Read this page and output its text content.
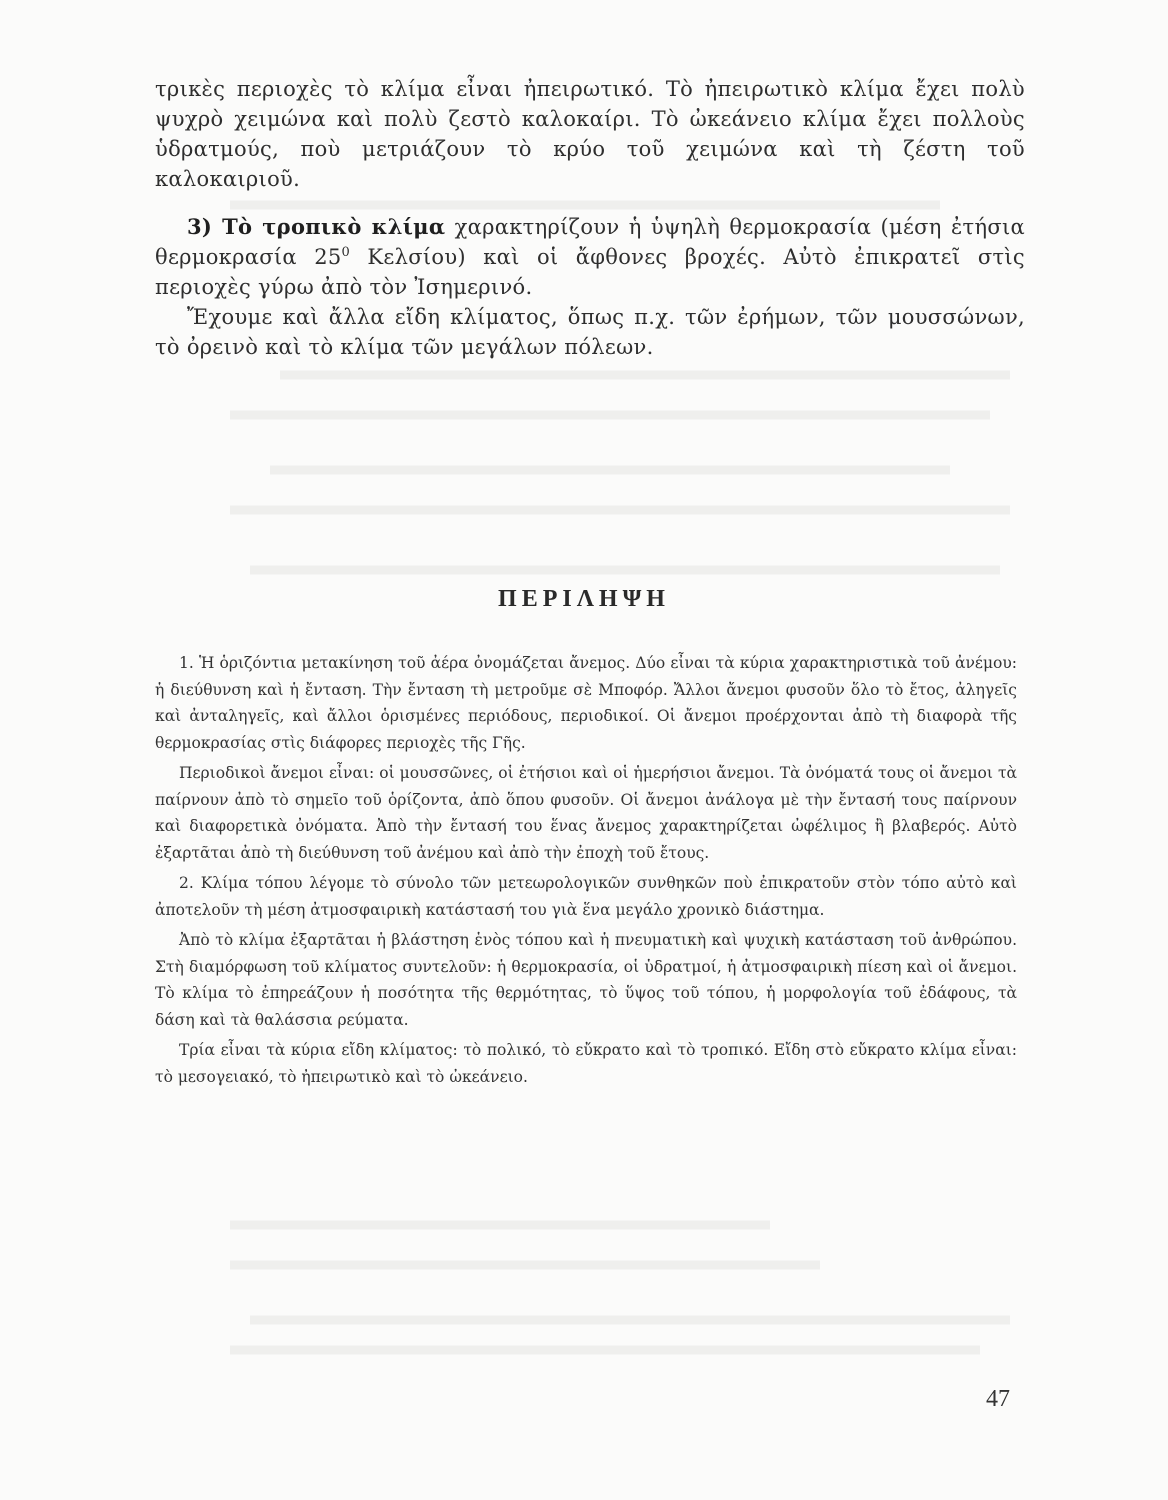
τρικὲς περιοχὲς τὸ κλίμα εἶναι ἠπειρωτικό. Τὸ ἠπειρωτικὸ κλίμα ἔχει πολὺ ψυχρὸ χειμώνα καὶ πολὺ ζεστὸ καλοκαίρι. Τὸ ὠκεάνειο κλίμα ἔχει πολλοὺς ὑδρατμούς, ποὺ μετριάζουν τὸ κρύο τοῦ χειμώνα καὶ τὴ ζέστη τοῦ καλοκαιριοῦ.

3) Τὸ τροπικὸ κλίμα χαρακτηρίζουν ἡ ὑψηλὴ θερμοκρασία (μέση ἐτήσια θερμοκρασία $25^0$ Κελσίου) καὶ οἱ ἄφθονες βροχές. Αὐτὸ ἐπικρατεῖ στὶς περιοχὲς γύρω ἀπὸ τὸν Ἰσημερινό.

Ἔχουμε καὶ ἄλλα εἴδη κλίματος, ὅπως π.χ. τῶν ἐρήμων, τῶν μουσσώνων, τὸ ὀρεινὸ καὶ τὸ κλίμα τῶν μεγάλων πόλεων.

ΠΕΡΙΛΗΨΗ

1. Ἡ ὁριζόντια μετακίνηση τοῦ ἀέρα ὀνομάζεται ἄνεμος. Δύο εἶναι τὰ κύρια χαρακτηριστικὰ τοῦ ἀνέμου: ἡ διεύθυνση καὶ ἡ ἔνταση. Τὴν ἔνταση τὴ μετροῦμε σὲ Μποφόρ. Ἄλλοι ἄνεμοι φυσοῦν ὅλο τὸ ἔτος, ἀληγεῖς καὶ ἀνταληγεῖς, καὶ ἄλλοι ὁρισμένες περιόδους, περιοδικοί. Οἱ ἄνεμοι προέρχονται ἀπὸ τὴ διαφορὰ τῆς θερμοκρασίας στὶς διάφορες περιοχὲς τῆς Γῆς.

Περιοδικοὶ ἄνεμοι εἶναι: οἱ μουσσῶνες, οἱ ἐτήσιοι καὶ οἱ ἡμερήσιοι ἄνεμοι. Τὰ ὀνόματά τους οἱ ἄνεμοι τὰ παίρνουν ἀπὸ τὸ σημεῖο τοῦ ὁρίζοντα, ἀπὸ ὅπου φυσοῦν. Οἱ ἄνεμοι ἀνάλογα μὲ τὴν ἔντασή τους παίρνουν καὶ διαφορετικὰ ὀνόματα. Ἀπὸ τὴν ἔντασή του ἕνας ἄνεμος χαρακτηρίζεται ὠφέλιμος ἢ βλαβερός. Αὐτὸ ἐξαρτᾶται ἀπὸ τὴ διεύθυνση τοῦ ἀνέμου καὶ ἀπὸ τὴν ἐποχὴ τοῦ ἔτους.

2. Κλίμα τόπου λέγομε τὸ σύνολο τῶν μετεωρολογικῶν συνθηκῶν ποὺ ἐπικρατοῦν στὸν τόπο αὐτὸ καὶ ἀποτελοῦν τὴ μέση ἀτμοσφαιρικὴ κατάστασή του γιὰ ἕνα μεγάλο χρονικὸ διάστημα.

Ἀπὸ τὸ κλίμα ἐξαρτᾶται ἡ βλάστηση ἑνὸς τόπου καὶ ἡ πνευματικὴ καὶ ψυχικὴ κατάσταση τοῦ ἀνθρώπου. Στὴ διαμόρφωση τοῦ κλίματος συντελοῦν: ἡ θερμοκρασία, οἱ ὑδρατμοί, ἡ ἀτμοσφαιρικὴ πίεση καὶ οἱ ἄνεμοι. Τὸ κλίμα τὸ ἐπηρεάζουν ἡ ποσότητα τῆς θερμότητας, τὸ ὕψος τοῦ τόπου, ἡ μορφολογία τοῦ ἐδάφους, τὰ δάση καὶ τὰ θαλάσσια ρεύματα.

Τρία εἶναι τὰ κύρια εἴδη κλίματος: τὸ πολικό, τὸ εὔκρατο καὶ τὸ τροπικό. Εἴδη στὸ εὔκρατο κλίμα εἶναι: τὸ μεσογειακό, τὸ ἠπειρωτικὸ καὶ τὸ ὠκεάνειο.

47
